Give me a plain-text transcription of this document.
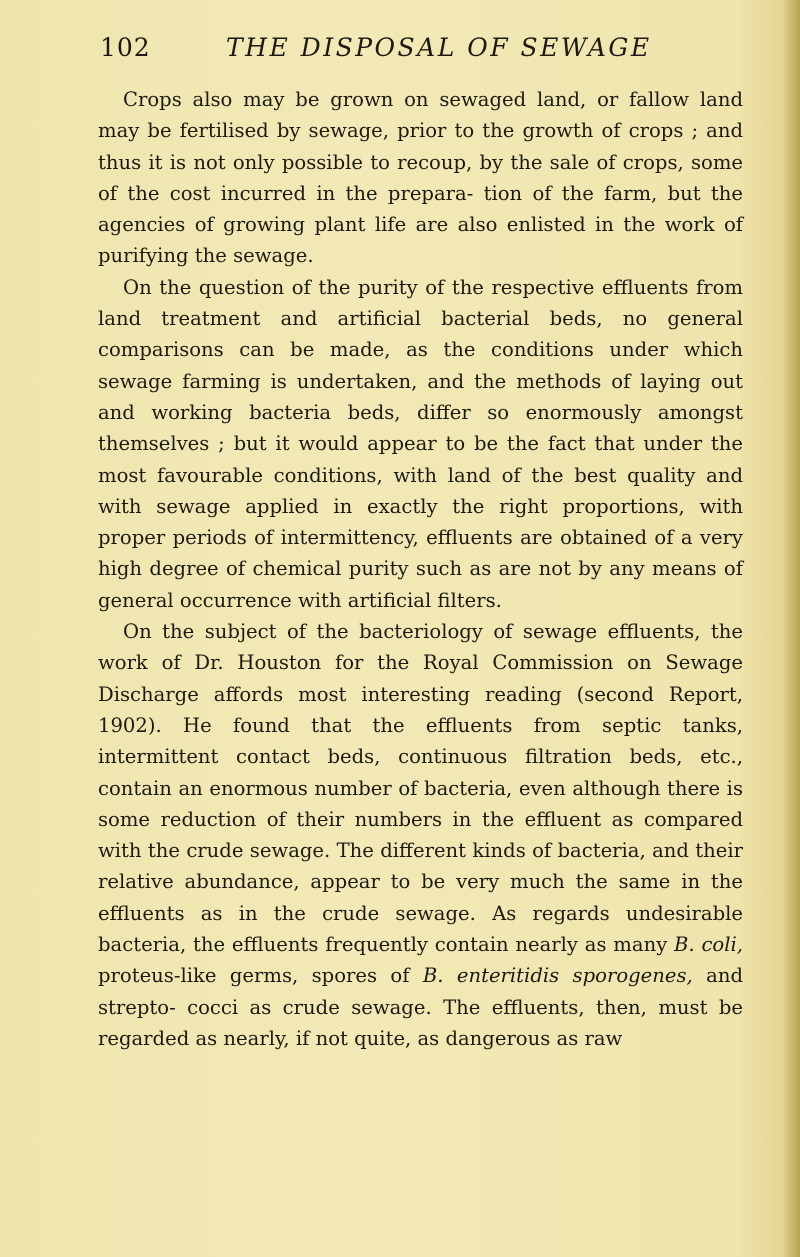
102	THE DISPOSAL OF SEWAGE

Crops also may be grown on sewaged land, or fallow land may be fertilised by sewage, prior to the growth of crops ; and thus it is not only possible to recoup, by the sale of crops, some of the cost incurred in the prepara- tion of the farm, but the agencies of growing plant life are also enlisted in the work of purifying the sewage.

On the question of the purity of the respective effluents from land treatment and artificial bacterial beds, no general comparisons can be made, as the conditions under which sewage farming is undertaken, and the methods of laying out and working bacteria beds, differ so enormously amongst themselves ; but it would appear to be the fact that under the most favourable conditions, with land of the best quality and with sewage applied in exactly the right proportions, with proper periods of intermittency, effluents are obtained of a very high degree of chemical purity such as are not by any means of general occurrence with artificial filters.

On the subject of the bacteriology of sewage effluents, the work of Dr. Houston for the Royal Commission on Sewage Discharge affords most interesting reading (second Report, 1902). He found that the effluents from septic tanks, intermittent contact beds, continuous filtration beds, etc., contain an enormous number of bacteria, even although there is some reduction of their numbers in the effluent as compared with the crude sewage. The different kinds of bacteria, and their relative abundance, appear to be very much the same in the effluents as in the crude sewage. As regards undesirable bacteria, the effluents frequently contain nearly as many B. coli, proteus-like germs, spores of B. enteritidis sporogenes, and strepto- cocci as crude sewage. The effluents, then, must be regarded as nearly, if not quite, as dangerous as raw
